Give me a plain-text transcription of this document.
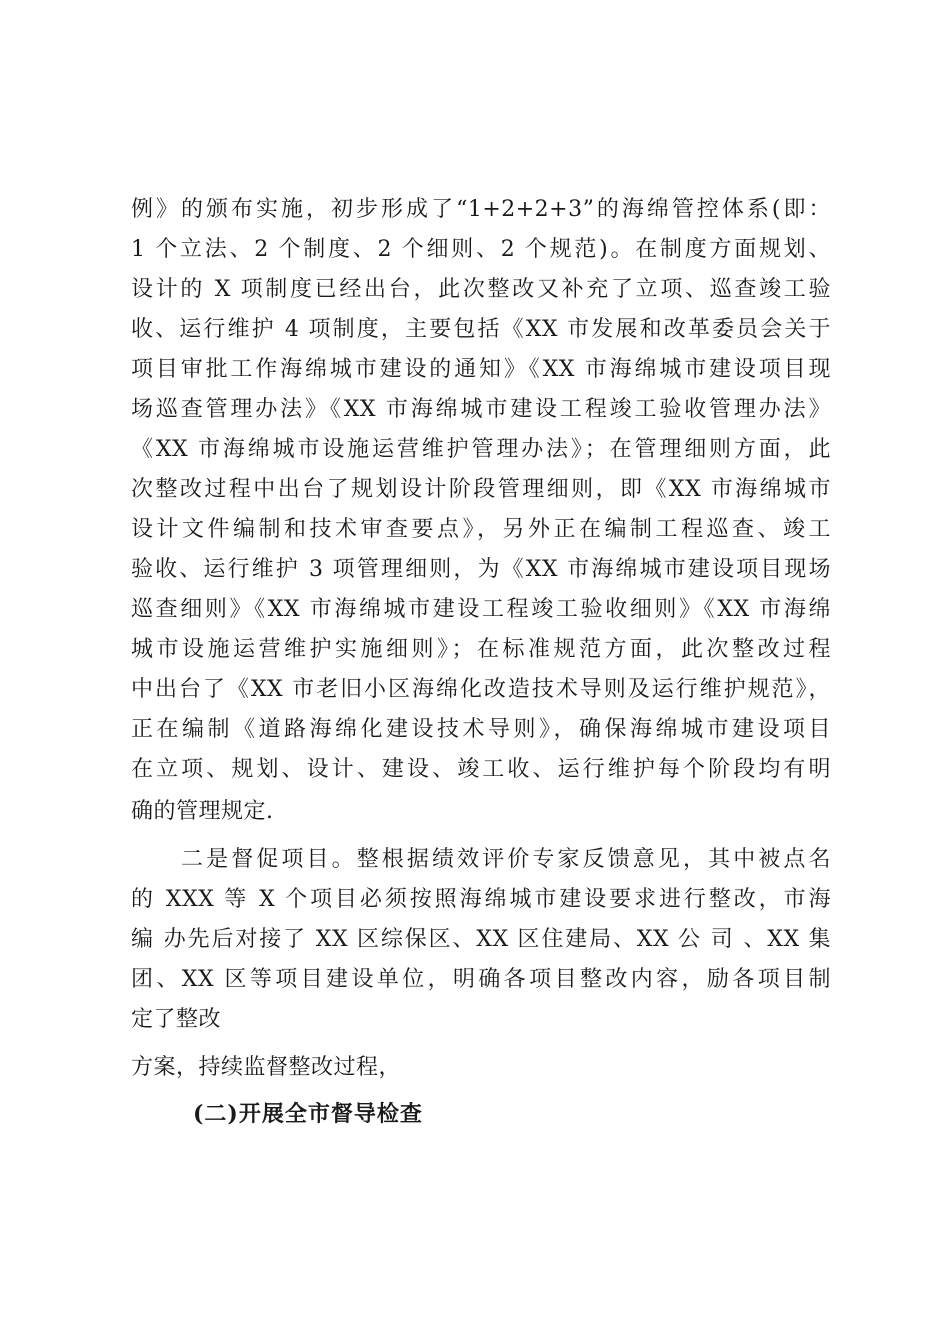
例》的颁布实施，初步形成了“1+2+2+3”的海绵管控体系(即：
1 个立法、2 个制度、2 个细则、2 个规范)。在制度方面规划、
设计的 X 项制度已经出台，此次整改又补充了立项、巡查竣工验
收、运行维护 4 项制度，主要包括《XX 市发展和改革委员会关于
项目审批工作海绵城市建设的通知》《XX 市海绵城市建设项目现
场巡查管理办法》《XX 市海绵城市建设工程竣工验收管理办法》
《XX 市海绵城市设施运营维护管理办法》；在管理细则方面，此
次整改过程中出台了规划设计阶段管理细则，即《XX 市海绵城市
设计文件编制和技术审查要点》，另外正在编制工程巡查、竣工
验收、运行维护 3 项管理细则，为《XX 市海绵城市建设项目现场
巡查细则》《XX 市海绵城市建设工程竣工验收细则》《XX 市海绵
城市设施运营维护实施细则》；在标准规范方面，此次整改过程
中出台了《XX 市老旧小区海绵化改造技术导则及运行维护规范》，
正在编制《道路海绵化建设技术导则》，确保海绵城市建设项目
在立项、规划、设计、建设、竣工收、运行维护每个阶段均有明
确的管理规定.
二是督促项目。整根据绩效评价专家反馈意见，其中被点名
的 XXX 等 X 个项目必须按照海绵城市建设要求进行整改，市海
编 办先后对接了 XX 区综保区、XX 区住建局、XX 公 司 、XX 集
团、XX 区等项目建设单位，明确各项目整改内容，励各项目制
定了整改
方案，持续监督整改过程，
(二)开展全市督导检查
